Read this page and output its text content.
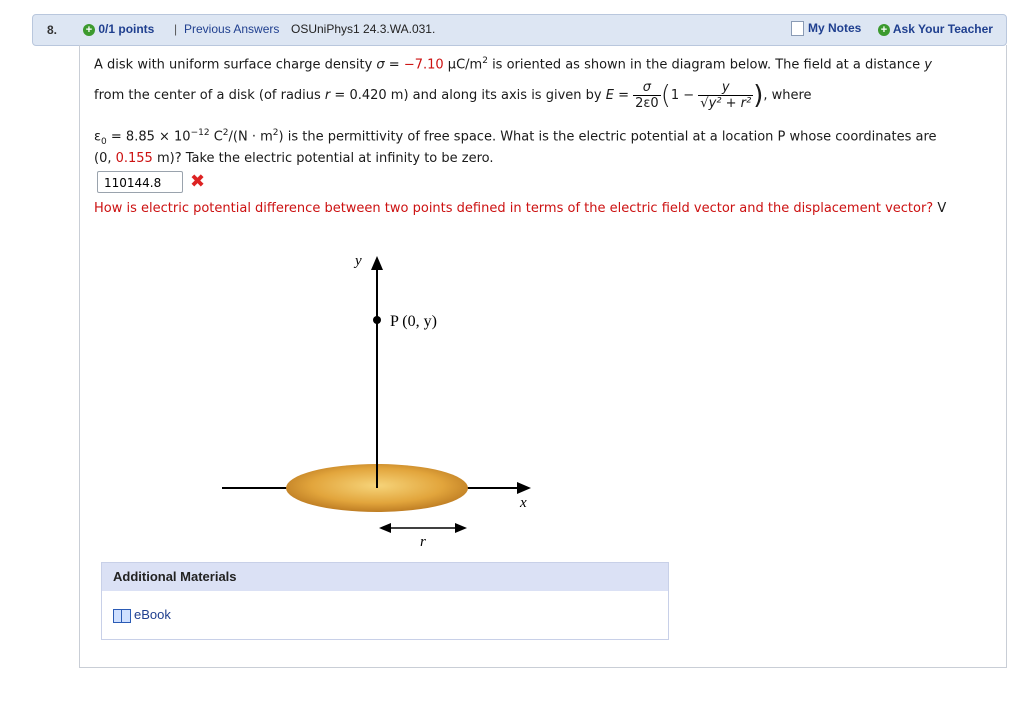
8.	+ 0/1 points | Previous Answers OSUniPhys1 24.3.WA.031.	My Notes + Ask Your Teacher
A disk with uniform surface charge density σ = −7.10 $\mu C/m^2$ is oriented as shown in the diagram below. The field at a distance y
from the center of a disk (of radius r = 0.420 m) and along its axis is given by $E = \frac{\sigma}{2\varepsilon 0} (1 - \frac{y}{\text{√y² + r²}}$ ), where
$\varepsilon_0 = 8.85 \times 10^{-12}$ $C^2/(N \cdot m^2)$ is the permittivity of free space. What is the electric potential at a location P whose coordinates are
(0, 0.155 m)? Take the electric potential at infinity to be zero.
110144.8	✖
How is electric potential difference between two points defined in terms of the electric field vector and the displacement vector? V
y
x
P (0, y)
r
Additional Materials
eBook
